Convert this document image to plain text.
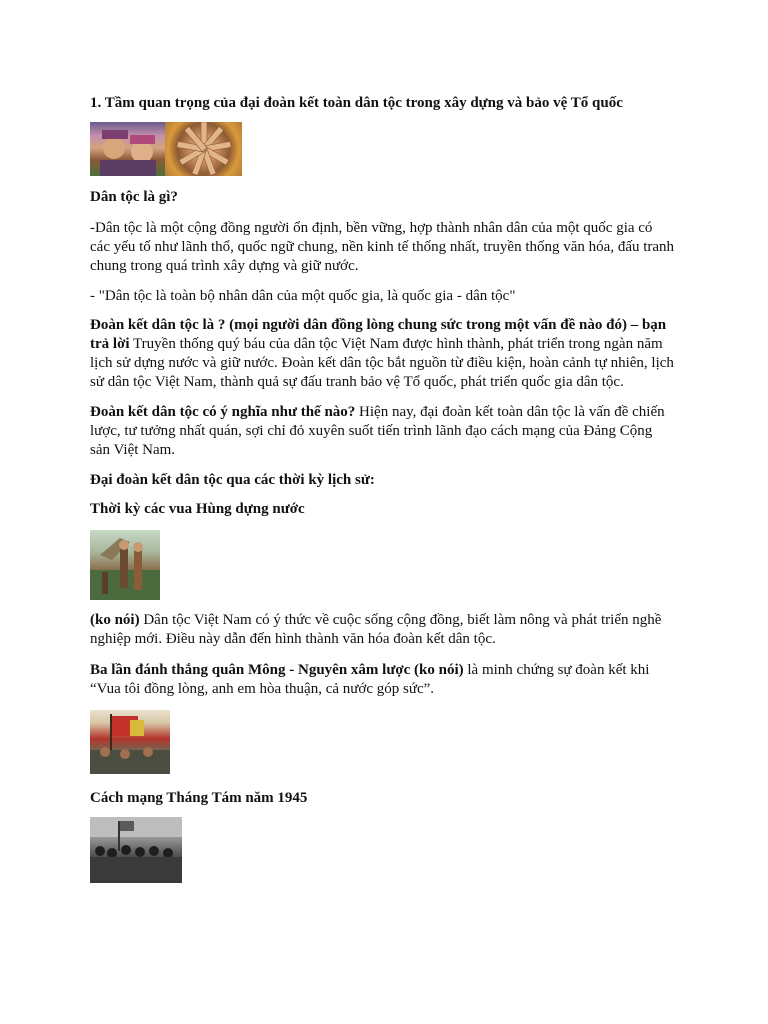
1. Tầm quan trọng của đại đoàn kết toàn dân tộc trong xây dựng và bảo vệ Tổ quốc
Dân tộc là gì?
-Dân tộc là một cộng đồng người ổn định, bền vững, hợp thành nhân dân của một quốc gia có
các yếu tố như lãnh thổ, quốc ngữ chung, nền kinh tế thống nhất, truyền thống văn hóa, đấu tranh
chung trong quá trình xây dựng và giữ nước.
- "Dân tộc là toàn bộ nhân dân của một quốc gia, là quốc gia - dân tộc"
Đoàn kết dân tộc là ? (mọi người dân đồng lòng chung sức trong một vấn đề nào đó) – bạn
trả lời Truyền thống quý báu của dân tộc Việt Nam được hình thành, phát triển trong ngàn năm
lịch sử dựng nước và giữ nước. Đoàn kết dân tộc bắt nguồn từ điều kiện, hoàn cảnh tự nhiên, lịch
sử dân tộc Việt Nam, thành quả sự đấu tranh bảo vệ Tổ quốc, phát triển quốc gia dân tộc.
Đoàn kết dân tộc có ý nghĩa như thế nào? Hiện nay, đại đoàn kết toàn dân tộc là vấn đề chiến
lược, tư tưởng nhất quán, sợi chỉ đỏ xuyên suốt tiến trình lãnh đạo cách mạng của Đảng Cộng
sản Việt Nam.
Đại đoàn kết dân tộc qua các thời kỳ lịch sử:
Thời kỳ các vua Hùng dựng nước
(ko nói) Dân tộc Việt Nam có ý thức về cuộc sống cộng đồng, biết làm nông và phát triển nghề
nghiệp mới. Điều này dẫn đến hình thành văn hóa đoàn kết dân tộc.
Ba lần đánh thắng quân Mông - Nguyên xâm lược (ko nói) là minh chứng sự đoàn kết khi
“Vua tôi đồng lòng, anh em hòa thuận, cả nước góp sức”.
Cách mạng Tháng Tám năm 1945
